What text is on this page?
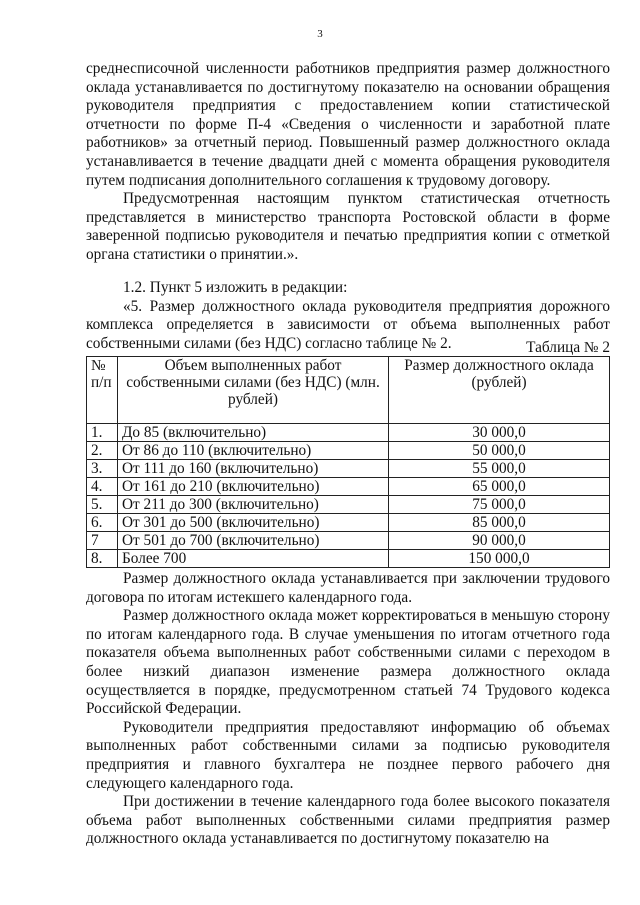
3

среднесписочной численности работников предприятия размер должностного оклада устанавливается по достигнутому показателю на основании обращения руководителя предприятия с предоставлением копии статистической отчетности по форме П-4 «Сведения о численности и заработной плате работников» за отчетный период. Повышенный размер должностного оклада устанавливается в течение двадцати дней с момента обращения руководителя путем подписания дополнительного соглашения к трудовому договору.

Предусмотренная настоящим пунктом статистическая отчетность представляется в министерство транспорта Ростовской области в форме заверенной подписью руководителя и печатью предприятия копии с отметкой органа статистики о принятии.».

1.2. Пункт 5 изложить в редакции:

«5. Размер должностного оклада руководителя предприятия дорожного комплекса определяется в зависимости от объема выполненных работ собственными силами (без НДС) согласно таблице № 2.	Таблица № 2
№ п/п	Объем выполненных работ собственными силами (без НДС) (млн. рублей)	Размер должностного оклада (рублей)
1.	До 85 (включительно)	30 000,0
2.	От 86 до 110 (включительно)	50 000,0
3.	От 111 до 160 (включительно)	55 000,0
4.	От 161 до 210 (включительно)	65 000,0
5.	От 211 до 300 (включительно)	75 000,0
6.	От 301 до 500 (включительно)	85 000,0
7	От 501 до 700 (включительно)	90 000,0
8.	Более 700	150 000,0

Размер должностного оклада устанавливается при заключении трудового договора по итогам истекшего календарного года.

Размер должностного оклада может корректироваться в меньшую сторону по итогам календарного года. В случае уменьшения по итогам отчетного года показателя объема выполненных работ собственными силами с переходом в более низкий диапазон изменение размера должностного оклада осуществляется в порядке, предусмотренном статьей 74 Трудового кодекса Российской Федерации.

Руководители предприятия предоставляют информацию об объемах выполненных работ собственными силами за подписью руководителя предприятия и главного бухгалтера не позднее первого рабочего дня следующего календарного года.

При достижении в течение календарного года более высокого показателя объема работ выполненных собственными силами предприятия размер должностного оклада устанавливается по достигнутому показателю на
